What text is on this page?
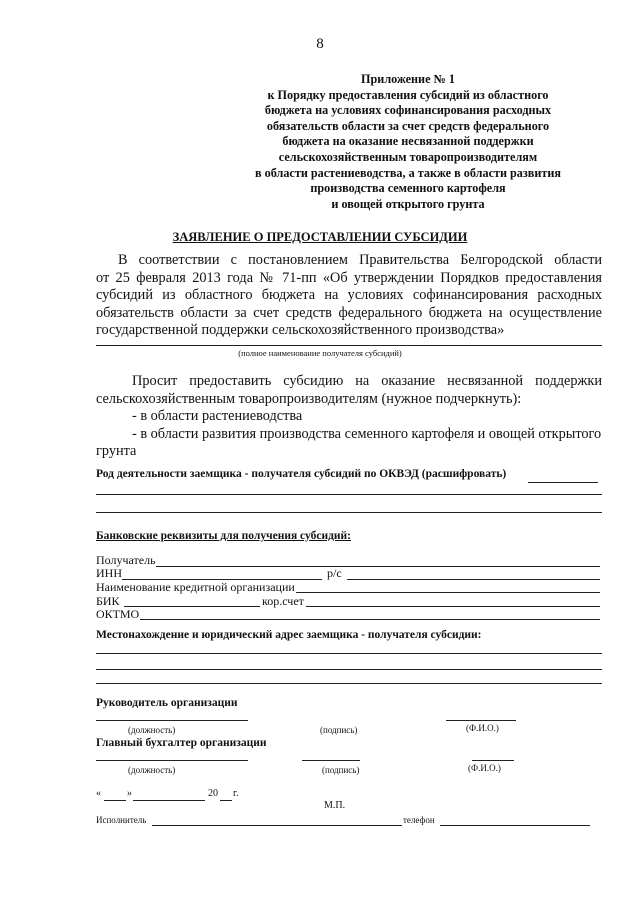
8
Приложение № 1
к Порядку предоставления субсидий из областного
бюджета на условиях софинансирования расходных
обязательств области за счет средств федерального
бюджета на оказание несвязанной поддержки
сельскохозяйственным товаропроизводителям
в области растениеводства, а также в области развития
производства семенного картофеля
и овощей открытого грунта
ЗАЯВЛЕНИЕ О ПРЕДОСТАВЛЕНИИ СУБСИДИИ
В соответствии с постановлением Правительства Белгородской области
от 25 февраля 2013 года № 71-пп «Об утверждении Порядков предоставления
субсидий из областного бюджета на условиях софинансирования расходных
обязательств области за счет средств федерального бюджета на осуществление
государственной поддержки сельскохозяйственного производства»
(полное наименование получателя субсидий)
Просит предоставить субсидию на оказание несвязанной поддержки
сельскохозяйственным товаропроизводителям (нужное подчеркнуть):
- в области растениеводства
- в области развития производства семенного картофеля и овощей открытого
грунта
Род деятельности заемщика - получателя субсидий по ОКВЭД (расшифровать)
Банковские реквизиты для получения субсидий:
Получатель
ИНН	р/с
Наименование кредитной организации
БИК	кор.счет
ОКТМО
Местонахождение и юридический адрес заемщика - получателя субсидии:
Руководитель организации
(должность)	(подпись)	(Ф.И.О.)
Главный бухгалтер организации
(должность)	(подпись)	(Ф.И.О.)
«	»	20 г.
М.П.
Исполнитель	телефон
